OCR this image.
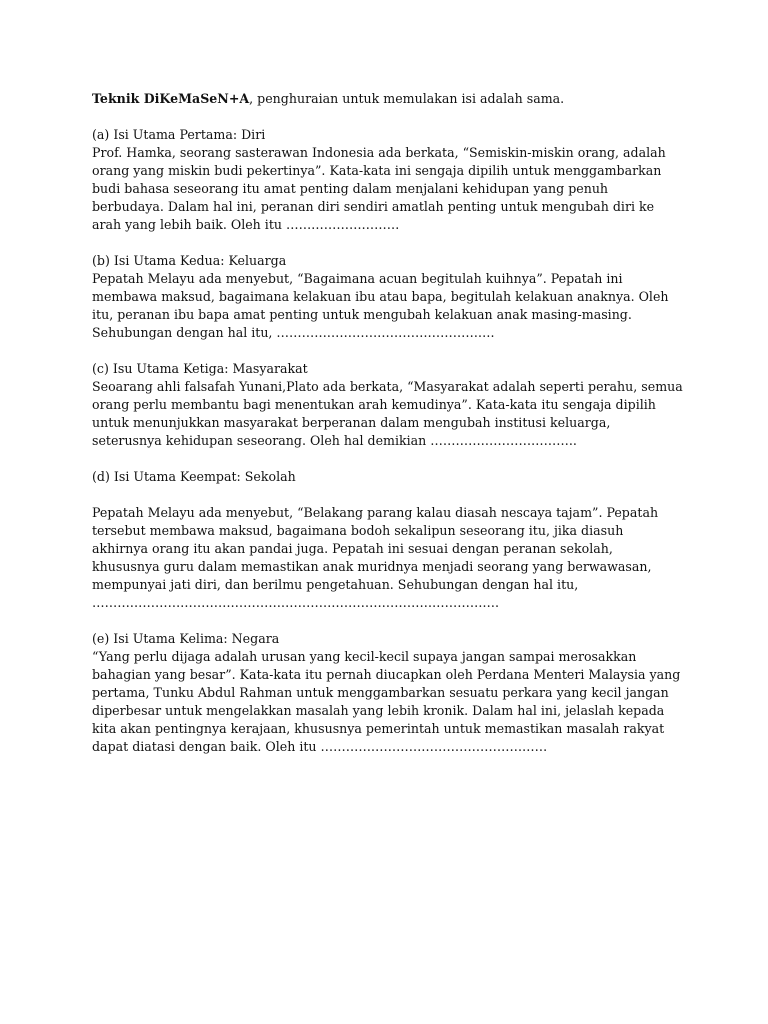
Teknik DiKeMaSeN+A, penghuraian untuk memulakan isi adalah sama.

(a) Isi Utama Pertama: Diri
Prof. Hamka, seorang sasterawan Indonesia ada berkata, “Semiskin-miskin orang, adalah
orang yang miskin budi pekertinya”. Kata-kata ini sengaja dipilih untuk menggambarkan
budi bahasa seseorang itu amat penting dalam menjalani kehidupan yang penuh
berbudaya. Dalam hal ini, peranan diri sendiri amatlah penting untuk mengubah diri ke
arah yang lebih baik. Oleh itu ………………………
(b) Isi Utama Kedua: Keluarga
Pepatah Melayu ada menyebut, “Bagaimana acuan begitulah kuihnya”. Pepatah ini
membawa maksud, bagaimana kelakuan ibu atau bapa, begitulah kelakuan anaknya. Oleh
itu, peranan ibu bapa amat penting untuk mengubah kelakuan anak masing-masing.
Sehubungan dengan hal itu, …………………………………………….
(c) Isu Utama Ketiga: Masyarakat
Seoarang ahli falsafah Yunani,Plato ada berkata, “Masyarakat adalah seperti perahu, semua
orang perlu membantu bagi menentukan arah kemudinya”. Kata-kata itu sengaja dipilih
untuk menunjukkan masyarakat berperanan dalam mengubah institusi keluarga,
seterusnya kehidupan seseorang. Oleh hal demikian ……………………………..
(d) Isi Utama Keempat: Sekolah
Pepatah Melayu ada menyebut, “Belakang parang kalau diasah nescaya tajam”. Pepatah
tersebut membawa maksud, bagaimana bodoh sekalipun seseorang itu, jika diasuh
akhirnya orang itu akan pandai juga. Pepatah ini sesuai dengan peranan sekolah,
khususnya guru dalam memastikan anak muridnya menjadi seorang yang berwawasan,
mempunyai jati diri, dan berilmu pengetahuan. Sehubungan dengan hal itu,
…………………………………………………………………………………….
(e) Isi Utama Kelima: Negara
“Yang perlu dijaga adalah urusan yang kecil-kecil supaya jangan sampai merosakkan
bahagian yang besar”. Kata-kata itu pernah diucapkan oleh Perdana Menteri Malaysia yang
pertama, Tunku Abdul Rahman untuk menggambarkan sesuatu perkara yang kecil jangan
diperbesar untuk mengelakkan masalah yang lebih kronik. Dalam hal ini, jelaslah kepada
kita akan pentingnya kerajaan, khususnya pemerintah untuk memastikan masalah rakyat
dapat diatasi dengan baik. Oleh itu ………………………………………………
